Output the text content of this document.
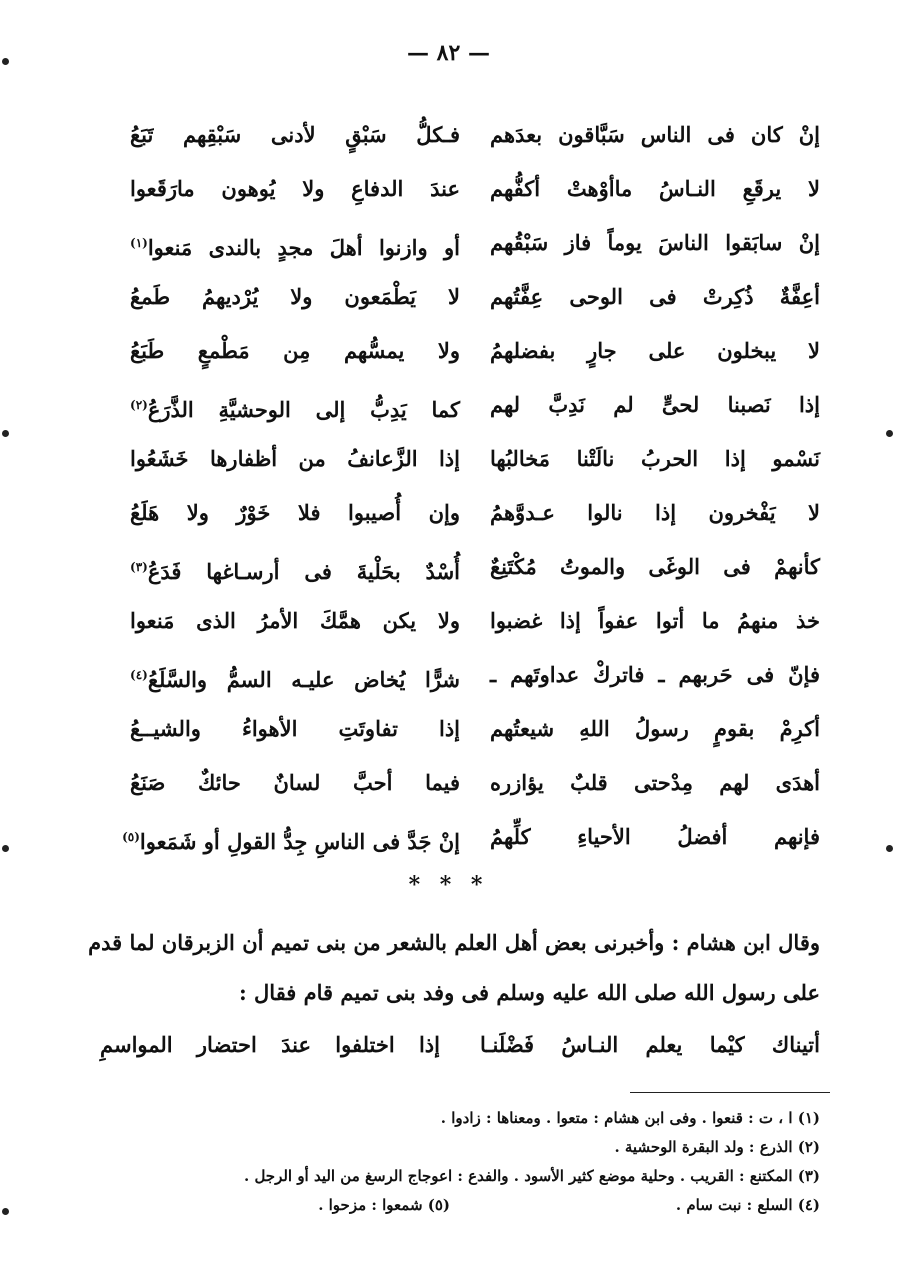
— ٨٢ —
إنْ كان فى الناس سَبَّاقون بعدَهم
فـكلُّ سَبْقٍ لأدنى سَبْقِهم تَبَعُ
لا يرقَعِ النـاسُ ماأوْهتْ أكفُّهم
عندَ الدفاعِ ولا يُوهون مارَقَعوا
إنْ سابَقوا الناسَ يوماً فاز سَبْقُهم
أو وازنوا أهلَ مجدٍ بالندى مَنعوا$^{(١)}$
أعِفَّةٌ ذُكِرتْ فى الوحى عِفَّتُهم
لا يَطْمَعون ولا يُرْديهمُ طَمعُ
لا يبخلون على جارٍ بفضلهمُ
ولا يمسُّهم مِن مَطْمعٍ طَبَعُ
إذا نَصبنا لحىٍّ لم نَدِبَّ لهم
كما يَدِبُّ إلى الوحشيَّةِ الذَّرَعُ$^{(٢)}$
نَسْمو إذا الحربُ نالَتْنا مَخالبُها
إذا الزَّعانفُ من أظفارها خَشَعُوا
لا يَفْخرون إذا نالوا عـدوَّهمُ
وإن أُصيبوا فلا خَوْرٌ ولا هَلَعُ
كأنهمْ فى الوغَى والموتُ مُكْتَنِعٌ
أُسْدٌ بحَلْيةَ فى أرسـاغها فَدَعُ$^{(٣)}$
خذ منهمُ ما أتوا عفواً إذا غضبوا
ولا يكن همَّكَ الأمرُ الذى مَنعوا
فإنّ فى حَربهم ـ فاتركْ عداوتَهم ـ
شرًّا يُخاض عليـه السمُّ والسَّلَعُ$^{(٤)}$
أكرِمْ بقومٍ رسولُ اللهِ شيعتُهم
إذا تفاوتَتِ الأهواءُ والشيــعُ
أهدَى لهم مِدْحتى قلبٌ يؤازره
فيما أحبَّ لسانٌ حائكٌ صَنَعُ
فإنهم أفضلُ الأحياءِ كلِّهمُ
إنْ جَدَّ فى الناسِ جِدُّ القولِ أو شَمَعوا$^{(٥)}$
* * *
وقال ابن هشام : وأخبرنى بعض أهل العلم بالشعر من بنى تميم أن الزبرقان لما قدم
على رسول الله صلى الله عليه وسلم فى وفد بنى تميم قام فقال :
أتيناك كيْما يعلم النـاسُ فَضْلَنـا
إذا اختلفوا عندَ احتضار المواسمِ
(١) ا ، ت : قنعوا . وفى ابن هشام : متعوا . ومعناها : زادوا .
(٢) الذرع : ولد البقرة الوحشية .
(٣) المكتنع : القريب . وحلية موضع كثير الأسود . والفدع : اعوجاج الرسغ من اليد أو الرجل .
(٤) السلع : نبت سام .
(٥) شمعوا : مزحوا .
